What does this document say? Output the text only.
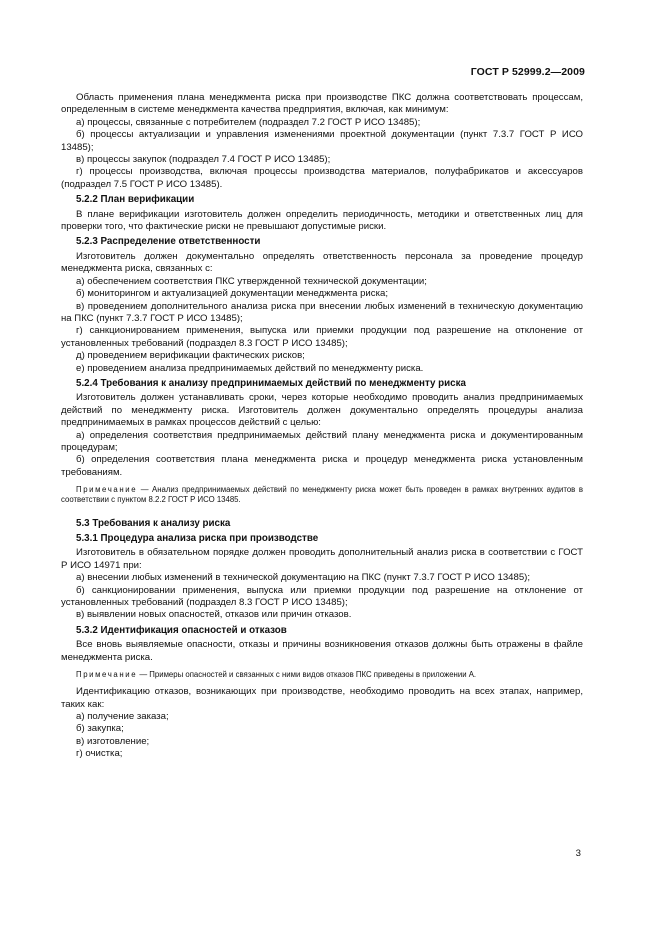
ГОСТ Р 52999.2—2009

Область применения плана менеджмента риска при производстве ПКС должна соответствовать процессам, определенным в системе менеджмента качества предприятия, включая, как минимум:

а) процессы, связанные с потребителем (подраздел 7.2 ГОСТ Р ИСО 13485);

б) процессы актуализации и управления изменениями проектной документации (пункт 7.3.7 ГОСТ Р ИСО 13485);

в) процессы закупок (подраздел 7.4 ГОСТ Р ИСО 13485);

г) процессы производства, включая процессы производства материалов, полуфабрикатов и аксессуаров (подраздел 7.5 ГОСТ Р ИСО 13485).

5.2.2 План верификации

В плане верификации изготовитель должен определить периодичность, методики и ответственных лиц для проверки того, что фактические риски не превышают допустимые риски.

5.2.3 Распределение ответственности

Изготовитель должен документально определять ответственность персонала за проведение процедур менеджмента риска, связанных с:

а) обеспечением соответствия ПКС утвержденной технической документации;

б) мониторингом и актуализацией документации менеджмента риска;

в) проведением дополнительного анализа риска при внесении любых изменений в техническую документацию на ПКС (пункт 7.3.7 ГОСТ Р ИСО 13485);

г) санкционированием применения, выпуска или приемки продукции под разрешение на отклонение от установленных требований (подраздел 8.3 ГОСТ Р ИСО 13485);

д) проведением верификации фактических рисков;

е) проведением анализа предпринимаемых действий по менеджменту риска.

5.2.4 Требования к анализу предпринимаемых действий по менеджменту риска

Изготовитель должен устанавливать сроки, через которые необходимо проводить анализ предпринимаемых действий по менеджменту риска. Изготовитель должен документально определять процедуры анализа предпринимаемых в рамках процессов действий с целью:

а) определения соответствия предпринимаемых действий плану менеджмента риска и документированным процедурам;

б) определения соответствия плана менеджмента риска и процедур менеджмента риска установленным требованиям.

Примечание — Анализ предпринимаемых действий по менеджменту риска может быть проведен в рамках внутренних аудитов в соответствии с пунктом 8.2.2 ГОСТ Р ИСО 13485.
5.3 Требования к анализу риска
5.3.1 Процедура анализа риска при производстве

Изготовитель в обязательном порядке должен проводить дополнительный анализ риска в соответствии с ГОСТ Р ИСО 14971 при:

а) внесении любых изменений в технической документацию на ПКС (пункт 7.3.7 ГОСТ Р ИСО 13485);

б) санкционировании применения, выпуска или приемки продукции под разрешение на отклонение от установленных требований (подраздел 8.3 ГОСТ Р ИСО 13485);

в) выявлении новых опасностей, отказов или причин отказов.

5.3.2 Идентификация опасностей и отказов

Все вновь выявляемые опасности, отказы и причины возникновения отказов должны быть отражены в файле менеджмента риска.

Примечание — Примеры опасностей и связанных с ними видов отказов ПКС приведены в приложении А.

Идентификацию отказов, возникающих при производстве, необходимо проводить на всех этапах, например, таких как:

а) получение заказа;

б) закупка;

в) изготовление;

г) очистка;

3
